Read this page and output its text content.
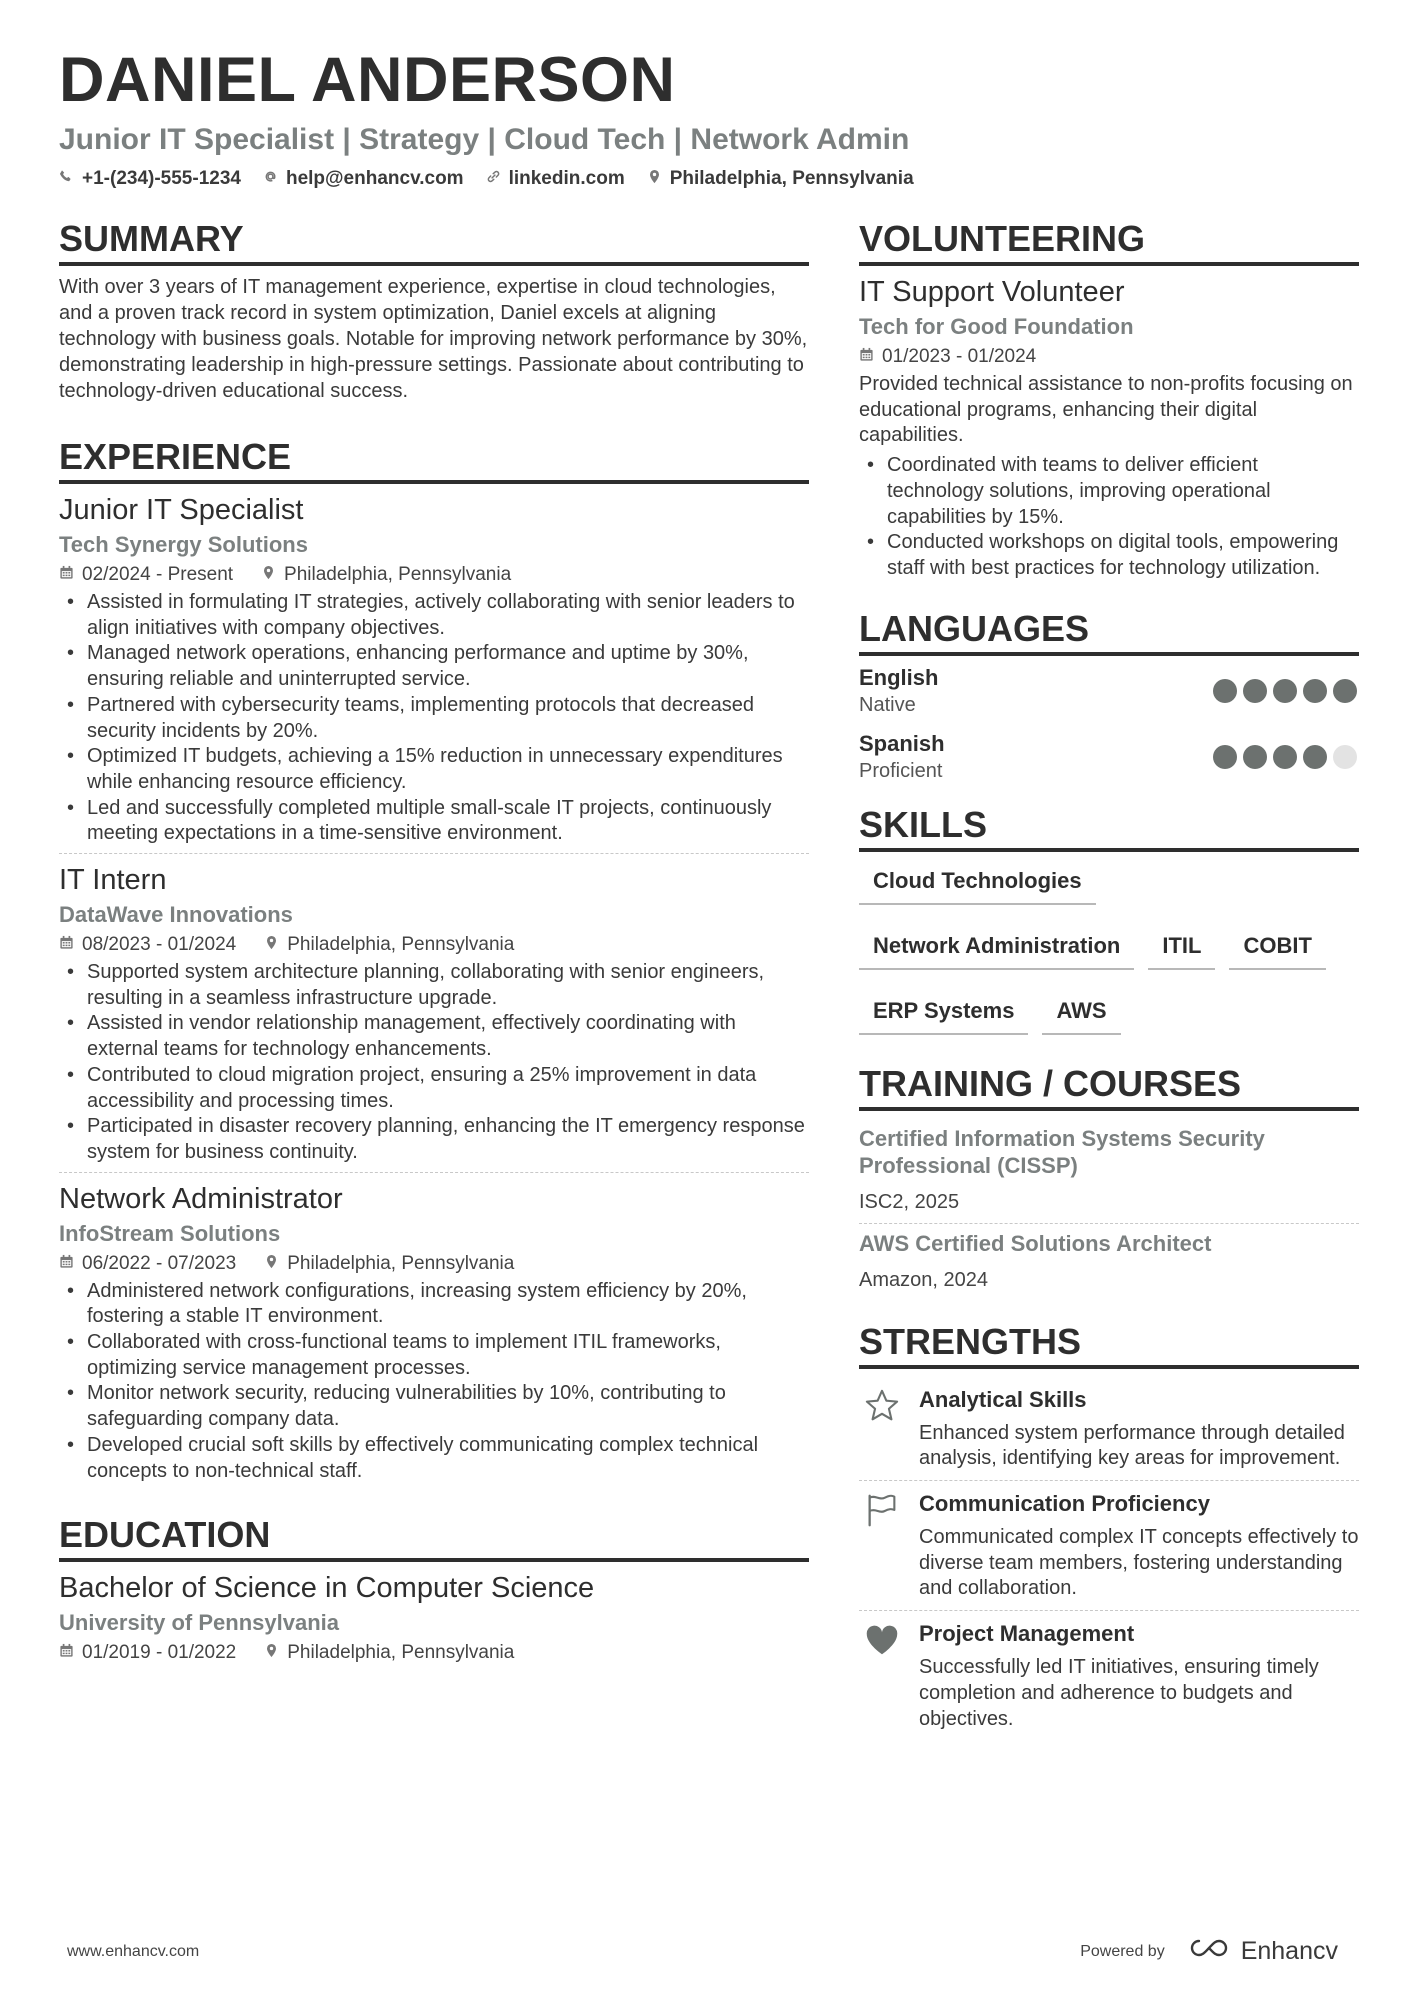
DANIEL ANDERSON
Junior IT Specialist | Strategy | Cloud Tech | Network Admin
+1-(234)-555-1234 help@enhancv.com linkedin.com Philadelphia, Pennsylvania
SUMMARY
With over 3 years of IT management experience, expertise in cloud technologies, and a proven track record in system optimization, Daniel excels at aligning technology with business goals. Notable for improving network performance by 30%, demonstrating leadership in high-pressure settings. Passionate about contributing to technology-driven educational success.
EXPERIENCE
Junior IT Specialist
Tech Synergy Solutions
02/2024 - Present	Philadelphia, Pennsylvania
• Assisted in formulating IT strategies, actively collaborating with senior leaders to align initiatives with company objectives.
• Managed network operations, enhancing performance and uptime by 30%, ensuring reliable and uninterrupted service.
• Partnered with cybersecurity teams, implementing protocols that decreased security incidents by 20%.
• Optimized IT budgets, achieving a 15% reduction in unnecessary expenditures while enhancing resource efficiency.
• Led and successfully completed multiple small-scale IT projects, continuously meeting expectations in a time-sensitive environment.
IT Intern
DataWave Innovations
08/2023 - 01/2024	Philadelphia, Pennsylvania
• Supported system architecture planning, collaborating with senior engineers, resulting in a seamless infrastructure upgrade.
• Assisted in vendor relationship management, effectively coordinating with external teams for technology enhancements.
• Contributed to cloud migration project, ensuring a 25% improvement in data accessibility and processing times.
• Participated in disaster recovery planning, enhancing the IT emergency response system for business continuity.
Network Administrator
InfoStream Solutions
06/2022 - 07/2023	Philadelphia, Pennsylvania
• Administered network configurations, increasing system efficiency by 20%, fostering a stable IT environment.
• Collaborated with cross-functional teams to implement ITIL frameworks, optimizing service management processes.
• Monitor network security, reducing vulnerabilities by 10%, contributing to safeguarding company data.
• Developed crucial soft skills by effectively communicating complex technical concepts to non-technical staff.
EDUCATION
Bachelor of Science in Computer Science
University of Pennsylvania
01/2019 - 01/2022	Philadelphia, Pennsylvania
VOLUNTEERING
IT Support Volunteer
Tech for Good Foundation
01/2023 - 01/2024
Provided technical assistance to non-profits focusing on educational programs, enhancing their digital capabilities.
• Coordinated with teams to deliver efficient technology solutions, improving operational capabilities by 15%.
• Conducted workshops on digital tools, empowering staff with best practices for technology utilization.
LANGUAGES
English
Native
Spanish
Proficient
SKILLS
Cloud Technologies
Network Administration	ITIL	COBIT
ERP Systems	AWS
TRAINING / COURSES
Certified Information Systems Security Professional (CISSP)
ISC2, 2025
AWS Certified Solutions Architect
Amazon, 2024
STRENGTHS
Analytical Skills
Enhanced system performance through detailed analysis, identifying key areas for improvement.
Communication Proficiency
Communicated complex IT concepts effectively to diverse team members, fostering understanding and collaboration.
Project Management
Successfully led IT initiatives, ensuring timely completion and adherence to budgets and objectives.
www.enhancv.com	Powered by	Enhancv
